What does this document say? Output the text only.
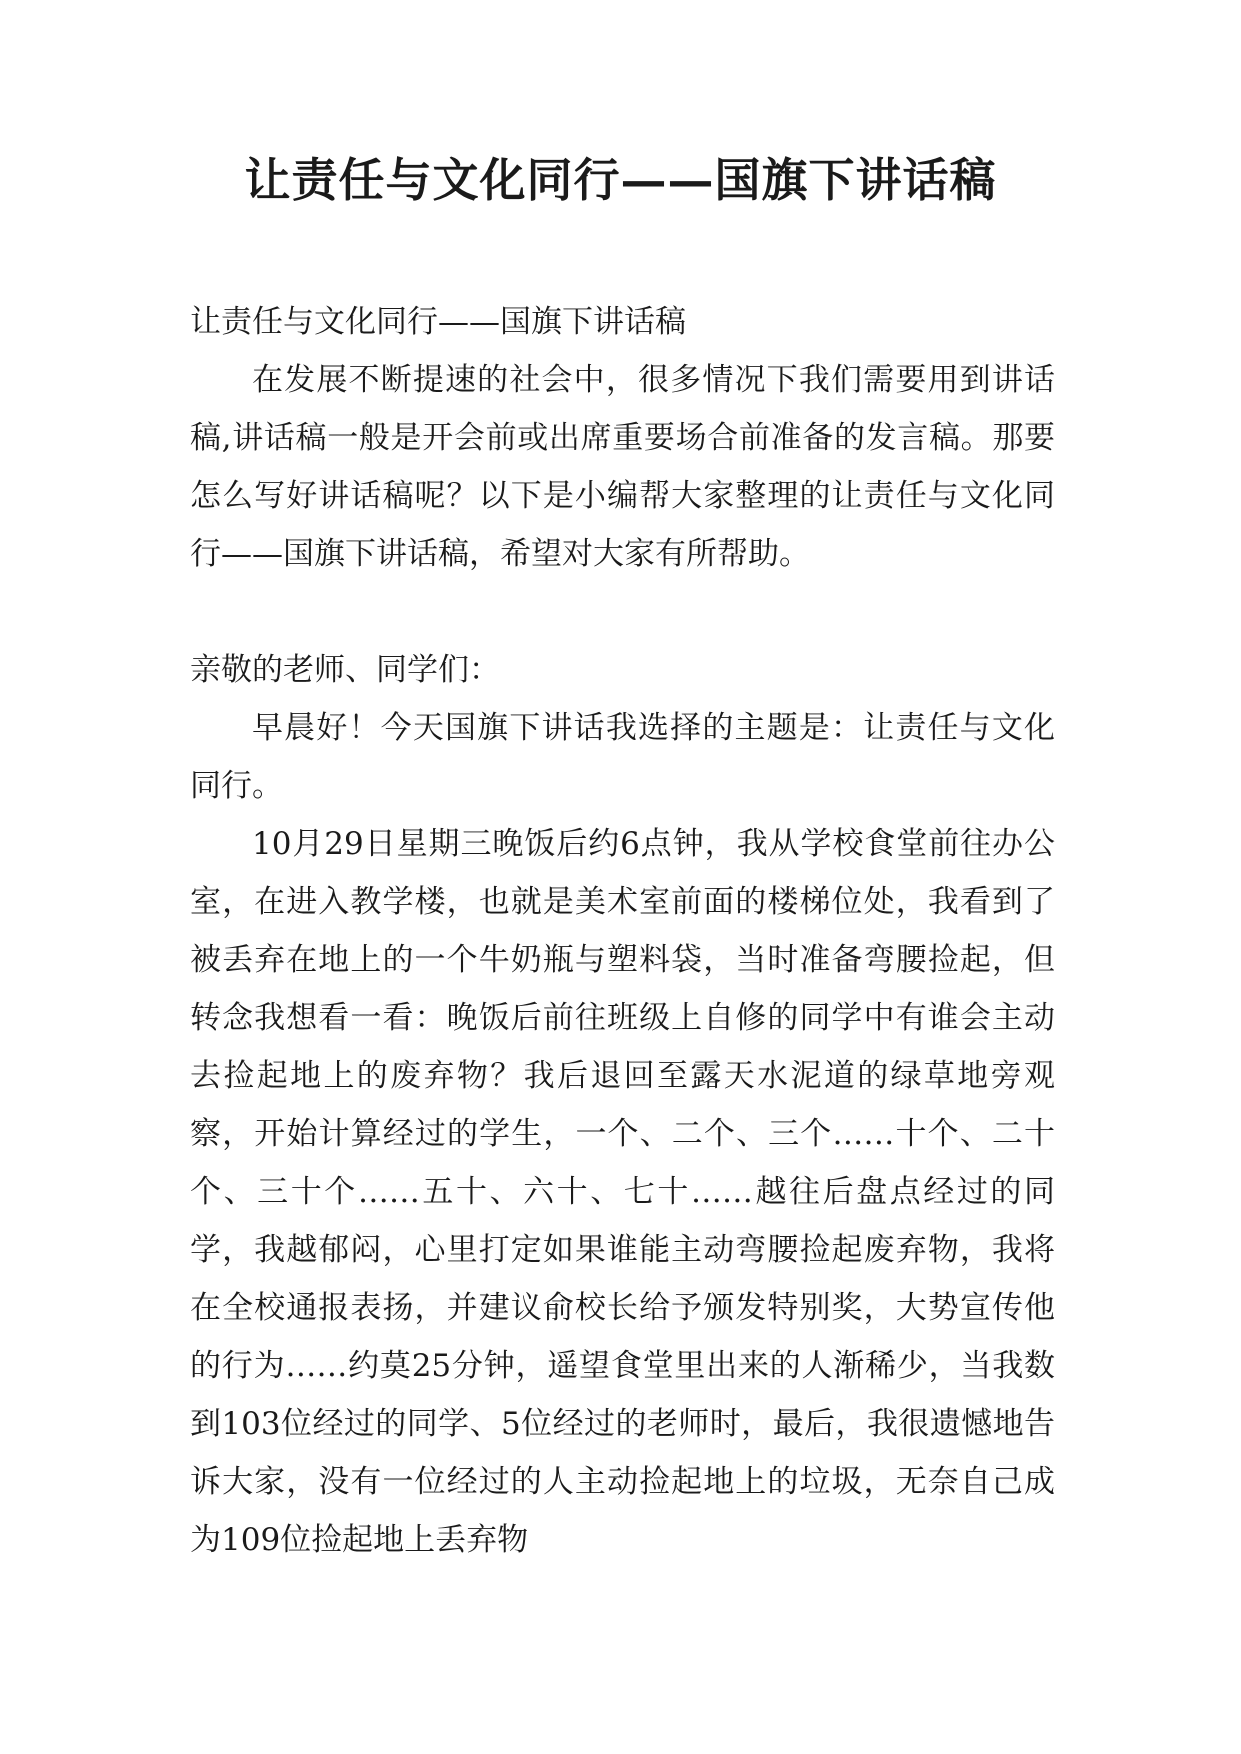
让责任与文化同行——国旗下讲话稿

让责任与文化同行——国旗下讲话稿

在发展不断提速的社会中，很多情况下我们需要用到讲话稿,讲话稿一般是开会前或出席重要场合前准备的发言稿。那要怎么写好讲话稿呢？以下是小编帮大家整理的让责任与文化同行——国旗下讲话稿，希望对大家有所帮助。

亲敬的老师、同学们：

早晨好！今天国旗下讲话我选择的主题是：让责任与文化同行。

10月29日星期三晚饭后约6点钟，我从学校食堂前往办公室，在进入教学楼，也就是美术室前面的楼梯位处，我看到了被丢弃在地上的一个牛奶瓶与塑料袋，当时准备弯腰捡起，但转念我想看一看：晚饭后前往班级上自修的同学中有谁会主动去捡起地上的废弃物？我后退回至露天水泥道的绿草地旁观察，开始计算经过的学生，一个、二个、三个……十个、二十个、三十个……五十、六十、七十……越往后盘点经过的同学，我越郁闷，心里打定如果谁能主动弯腰捡起废弃物，我将在全校通报表扬，并建议俞校长给予颁发特别奖，大势宣传他的行为……约莫25分钟，遥望食堂里出来的人渐稀少，当我数到103位经过的同学、5位经过的老师时，最后，我很遗憾地告诉大家，没有一位经过的人主动捡起地上的垃圾，无奈自己成为109位捡起地上丢弃物
